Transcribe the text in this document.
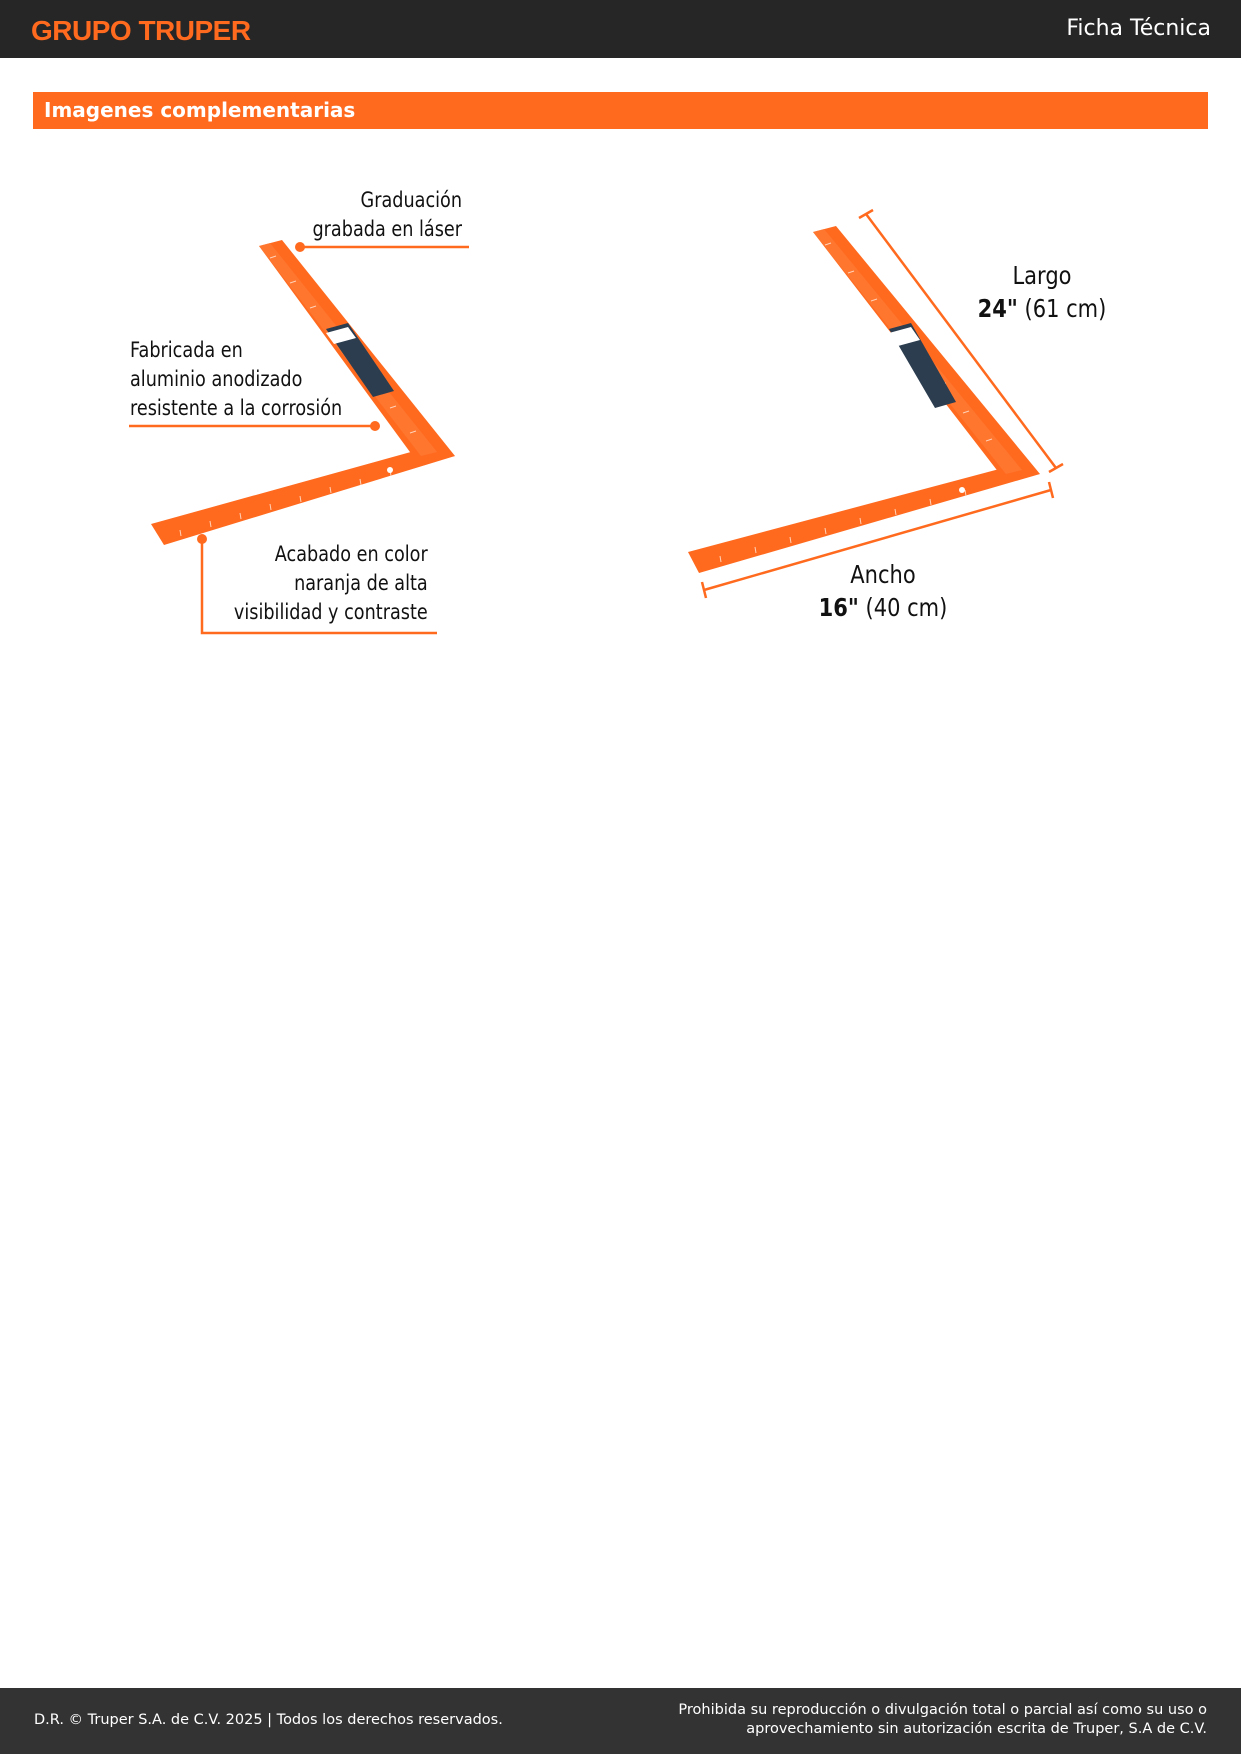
GRUPO TRUPER	Ficha Técnica
Imagenes complementarias
Graduación
grabada en láser
Fabricada en
aluminio anodizado
resistente a la corrosión
Acabado en color
naranja de alta
visibilidad y contraste
Largo
24" (61 cm)
Ancho
16" (40 cm)
D.R. © Truper S.A. de C.V. 2025 | Todos los derechos reservados.
Prohibida su reproducción o divulgación total o parcial así como su uso o
aprovechamiento sin autorización escrita de Truper, S.A de C.V.
